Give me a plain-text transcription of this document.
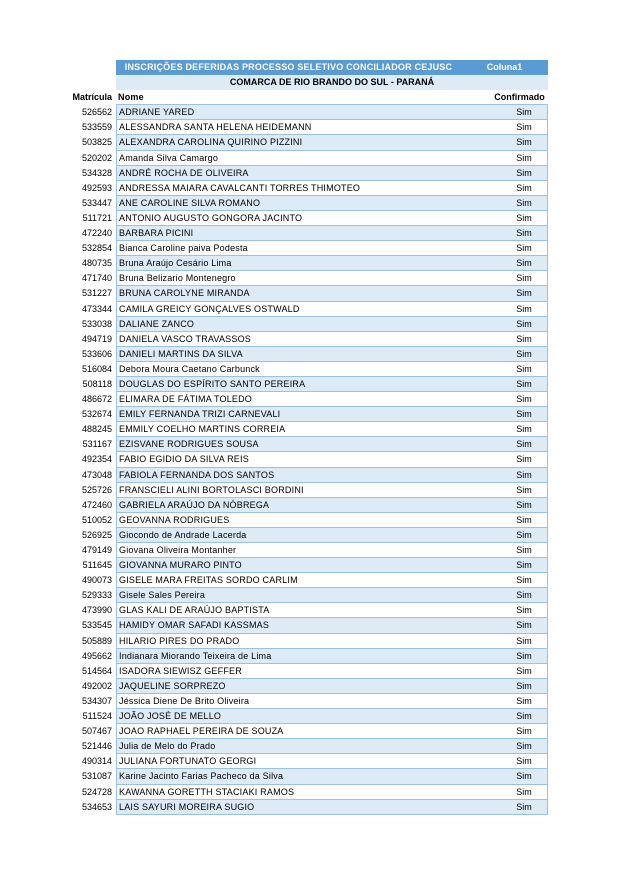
INSCRIÇÕES DEFERIDAS PROCESSO SELETIVO CONCILIADOR CEJUSC	Coluna1
COMARCA DE RIO BRANDO DO SUL - PARANÁ
Matrícula Nome	Confirmado
526562 ADRIANE YARED	Sim
533559 ALESSANDRA SANTA HELENA HEIDEMANN	Sim
503825 ALEXANDRA CAROLINA QUIRINO PIZZINI	Sim
520202 Amanda Silva Camargo	Sim
534328 ANDRÉ ROCHA DE OLIVEIRA	Sim
492593 ANDRESSA MAIARA CAVALCANTI TORRES THIMOTEO	Sim
533447 ANE CAROLINE SILVA ROMANO	Sim
511721 ANTONIO AUGUSTO GONGORA JACINTO	Sim
472240 BARBARA PICINI	Sim
532854 Bianca Caroline paiva Podesta	Sim
480735 Bruna Araújo Cesário Lima	Sim
471740 Bruna Belizario Montenegro	Sim
531227 BRUNA CAROLYNE MIRANDA	Sim
473344 CAMILA GREICY GONÇALVES OSTWALD	Sim
533038 DALIANE ZANCO	Sim
494719 DANIELA VASCO TRAVASSOS	Sim
533606 DANIELI MARTINS DA SILVA	Sim
516084 Debora Moura Caetano Carbunck	Sim
508118 DOUGLAS DO ESPÍRITO SANTO PEREIRA	Sim
486672 ELIMARA DE FÁTIMA TOLEDO	Sim
532674 EMILY FERNANDA TRIZI CARNEVALI	Sim
488245 EMMILY COELHO MARTINS CORREIA	Sim
531167 EZISVANE RODRIGUES SOUSA	Sim
492354 FABIO EGIDIO DA SILVA REIS	Sim
473048 FABIOLA FERNANDA DOS SANTOS	Sim
525726 FRANSCIELI ALINI BORTOLASCI BORDINI	Sim
472460 GABRIELA ARAÚJO DA NÓBREGA	Sim
510052 GEOVANNA RODRIGUES	Sim
526925 Giocondo de Andrade Lacerda	Sim
479149 Giovana Oliveira Montanher	Sim
511645 GIOVANNA MURARO PINTO	Sim
490073 GISELE MARA FREITAS SORDO CARLIM	Sim
529333 Gisele Sales Pereira	Sim
473990 GLAS KALI DE ARAÚJO BAPTISTA	Sim
533545 HAMIDY OMAR SAFADI KASSMAS	Sim
505889 HILARIO PIRES DO PRADO	Sim
495662 Indianara Miorando Teixeira de Lima	Sim
514564 ISADORA SIEWISZ GEFFER	Sim
492002 JAQUELINE SORPREZO	Sim
534307 Jéssica Diene De Brito Oliveira	Sim
511524 JOÃO JOSÉ DE MELLO	Sim
507467 JOAO RAPHAEL PEREIRA DE SOUZA	Sim
521446 Julia de Melo do Prado	Sim
490314 JULIANA FORTUNATO GEORGI	Sim
531087 Karine Jacinto Farias Pacheco da Silva	Sim
524728 KAWANNA GORETTH STACIAKI RAMOS	Sim
534653 LAIS SAYURI MOREIRA SUGIO	Sim
